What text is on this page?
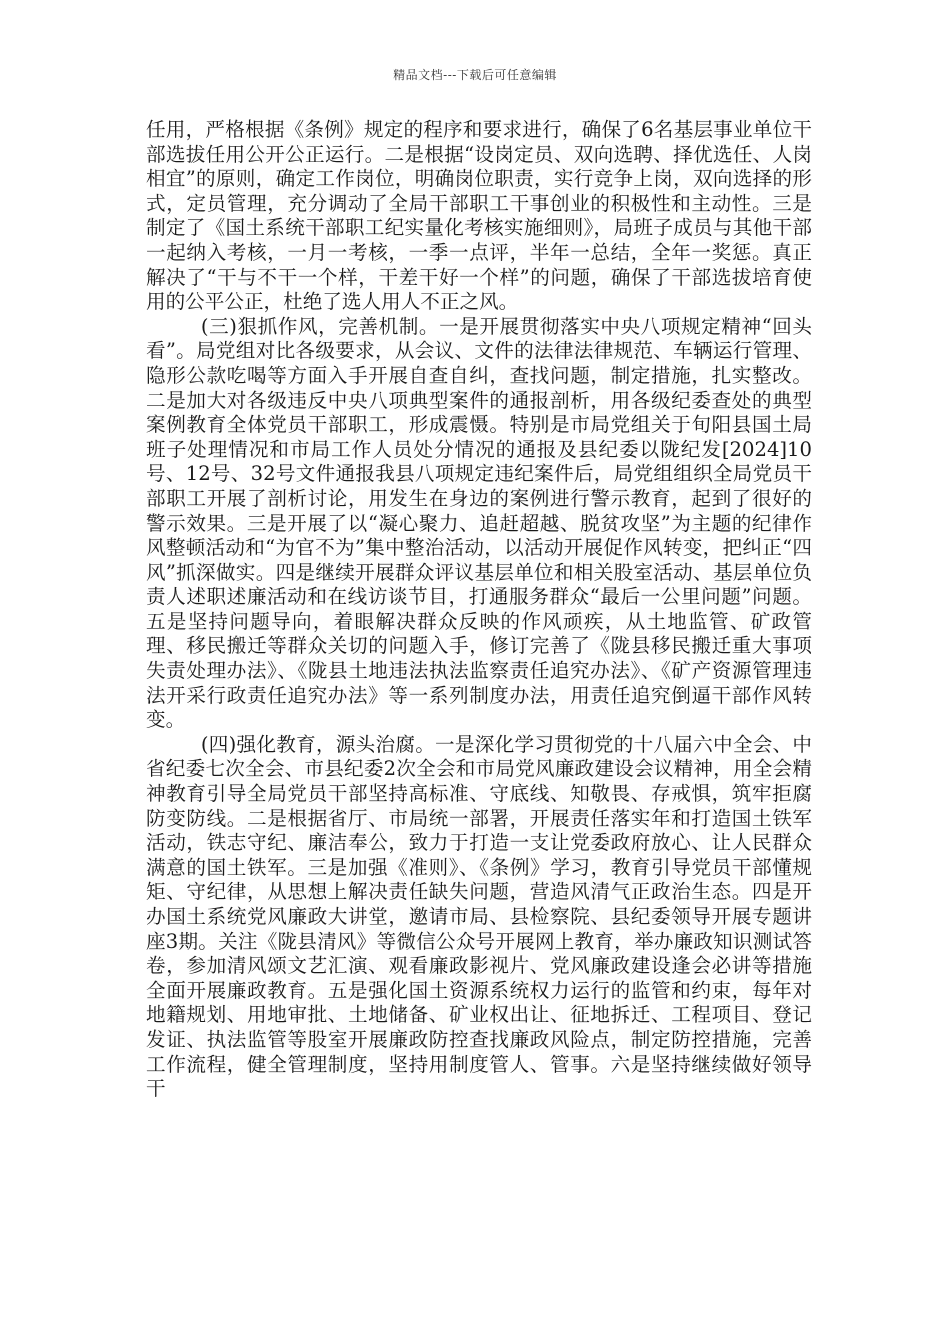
精品文档---下载后可任意编辑

任用，严格根据《条例》规定的程序和要求进行，确保了6名基层事业单位干部选拔任用公开公正运行。二是根据“设岗定员、双向选聘、择优选任、人岗相宜”的原则，确定工作岗位，明确岗位职责，实行竞争上岗，双向选择的形式，定员管理，充分调动了全局干部职工干事创业的积极性和主动性。三是制定了《国土系统干部职工纪实量化考核实施细则》，局班子成员与其他干部一起纳入考核，一月一考核，一季一点评，半年一总结，全年一奖惩。真正解决了“干与不干一个样，干差干好一个样”的问题，确保了干部选拔培育使用的公平公正，杜绝了选人用人不正之风。

(三)狠抓作风，完善机制。一是开展贯彻落实中央八项规定精神“回头看”。局党组对比各级要求，从会议、文件的法律法律规范、车辆运行管理、隐形公款吃喝等方面入手开展自查自纠，查找问题，制定措施，扎实整改。二是加大对各级违反中央八项典型案件的通报剖析，用各级纪委查处的典型案例教育全体党员干部职工，形成震慑。特别是市局党组关于旬阳县国土局班子处理情况和市局工作人员处分情况的通报及县纪委以陇纪发[2024]10号、12号、32号文件通报我县八项规定违纪案件后，局党组组织全局党员干部职工开展了剖析讨论，用发生在身边的案例进行警示教育，起到了很好的警示效果。三是开展了以“凝心聚力、追赶超越、脱贫攻坚”为主题的纪律作风整顿活动和“为官不为”集中整治活动，以活动开展促作风转变，把纠正“四风”抓深做实。四是继续开展群众评议基层单位和相关股室活动、基层单位负责人述职述廉活动和在线访谈节目，打通服务群众“最后一公里问题”问题。五是坚持问题导向，着眼解决群众反映的作风顽疾，从土地监管、矿政管理、移民搬迁等群众关切的问题入手，修订完善了《陇县移民搬迁重大事项失责处理办法》、《陇县土地违法执法监察责任追究办法》、《矿产资源管理违法开采行政责任追究办法》等一系列制度办法，用责任追究倒逼干部作风转变。

(四)强化教育，源头治腐。一是深化学习贯彻党的十八届六中全会、中省纪委七次全会、市县纪委2次全会和市局党风廉政建设会议精神，用全会精神教育引导全局党员干部坚持高标准、守底线、知敬畏、存戒惧，筑牢拒腐防变防线。二是根据省厅、市局统一部署，开展责任落实年和打造国土铁军活动，铁志守纪、廉洁奉公，致力于打造一支让党委政府放心、让人民群众满意的国土铁军。三是加强《准则》、《条例》学习，教育引导党员干部懂规矩、守纪律，从思想上解决责任缺失问题，营造风清气正政治生态。四是开办国土系统党风廉政大讲堂，邀请市局、县检察院、县纪委领导开展专题讲座3期。关注《陇县清风》等微信公众号开展网上教育，举办廉政知识测试答卷，参加清风颂文艺汇演、观看廉政影视片、党风廉政建设逢会必讲等措施全面开展廉政教育。五是强化国土资源系统权力运行的监管和约束，每年对地籍规划、用地审批、土地储备、矿业权出让、征地拆迁、工程项目、登记发证、执法监管等股室开展廉政防控查找廉政风险点，制定防控措施，完善工作流程，健全管理制度，坚持用制度管人、管事。六是坚持继续做好领导干
